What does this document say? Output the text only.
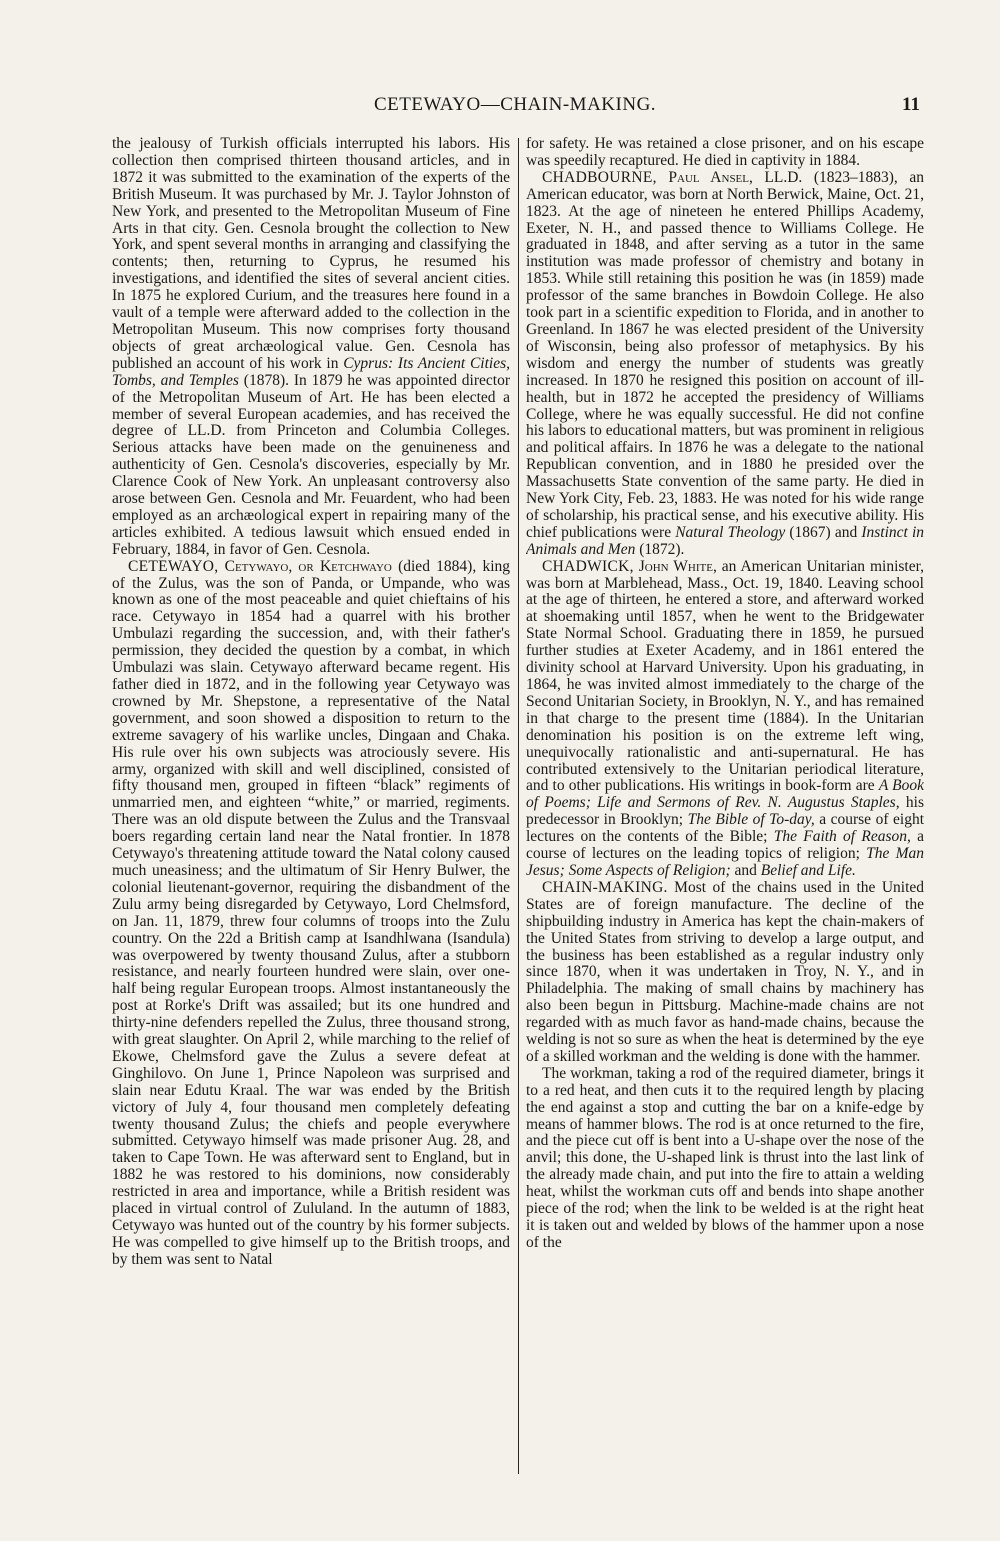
CETEWAYO—CHAIN-MAKING.	11

the jealousy of Turkish officials interrupted his labors. His collection then comprised thirteen thousand articles, and in 1872 it was submitted to the examination of the experts of the British Museum. It was purchased by Mr. J. Taylor Johnston of New York, and presented to the Metropolitan Museum of Fine Arts in that city. Gen. Cesnola brought the collection to New York, and spent several months in arranging and classifying the contents; then, returning to Cyprus, he resumed his investigations, and identified the sites of several ancient cities. In 1875 he explored Curium, and the treasures here found in a vault of a temple were afterward added to the collection in the Metropolitan Museum. This now comprises forty thousand objects of great archæological value. Gen. Cesnola has published an account of his work in Cyprus: Its Ancient Cities, Tombs, and Temples (1878). In 1879 he was appointed director of the Metropolitan Museum of Art. He has been elected a member of several European academies, and has received the degree of LL.D. from Princeton and Columbia Colleges. Serious attacks have been made on the genuineness and authenticity of Gen. Cesnola's discoveries, especially by Mr. Clarence Cook of New York. An unpleasant controversy also arose between Gen. Cesnola and Mr. Feuardent, who had been employed as an archæological expert in repairing many of the articles exhibited. A tedious lawsuit which ensued ended in February, 1884, in favor of Gen. Cesnola.

CETEWAYO, Cetywayo, or Ketchwayo (died 1884), king of the Zulus, was the son of Panda, or Umpande, who was known as one of the most peaceable and quiet chieftains of his race. Cetywayo in 1854 had a quarrel with his brother Umbulazi regarding the succession, and, with their father's permission, they decided the question by a combat, in which Umbulazi was slain. Cetywayo afterward became regent. His father died in 1872, and in the following year Cetywayo was crowned by Mr. Shepstone, a representative of the Natal government, and soon showed a disposition to return to the extreme savagery of his warlike uncles, Dingaan and Chaka. His rule over his own subjects was atrociously severe. His army, organized with skill and well disciplined, consisted of fifty thousand men, grouped in fifteen “black” regiments of unmarried men, and eighteen “white,” or married, regiments. There was an old dispute between the Zulus and the Transvaal boers regarding certain land near the Natal frontier. In 1878 Cetywayo's threatening attitude toward the Natal colony caused much uneasiness; and the ultimatum of Sir Henry Bulwer, the colonial lieutenant-governor, requiring the disbandment of the Zulu army being disregarded by Cetywayo, Lord Chelmsford, on Jan. 11, 1879, threw four columns of troops into the Zulu country. On the 22d a British camp at Isandhlwana (Isandula) was overpowered by twenty thousand Zulus, after a stubborn resistance, and nearly fourteen hundred were slain, over one-half being regular European troops. Almost instantaneously the post at Rorke's Drift was assailed; but its one hundred and thirty-nine defenders repelled the Zulus, three thousand strong, with great slaughter. On April 2, while marching to the relief of Ekowe, Chelmsford gave the Zulus a severe defeat at Ginghilovo. On June 1, Prince Napoleon was surprised and slain near Edutu Kraal. The war was ended by the British victory of July 4, four thousand men completely defeating twenty thousand Zulus; the chiefs and people everywhere submitted. Cetywayo himself was made prisoner Aug. 28, and taken to Cape Town. He was afterward sent to England, but in 1882 he was restored to his dominions, now considerably restricted in area and importance, while a British resident was placed in virtual control of Zululand. In the autumn of 1883, Cetywayo was hunted out of the country by his former subjects. He was compelled to give himself up to the British troops, and by them was sent to Natal

for safety. He was retained a close prisoner, and on his escape was speedily recaptured. He died in captivity in 1884.

CHADBOURNE, Paul Ansel, LL.D. (1823–1883), an American educator, was born at North Berwick, Maine, Oct. 21, 1823. At the age of nineteen he entered Phillips Academy, Exeter, N. H., and passed thence to Williams College. He graduated in 1848, and after serving as a tutor in the same institution was made professor of chemistry and botany in 1853. While still retaining this position he was (in 1859) made professor of the same branches in Bowdoin College. He also took part in a scientific expedition to Florida, and in another to Greenland. In 1867 he was elected president of the University of Wisconsin, being also professor of metaphysics. By his wisdom and energy the number of students was greatly increased. In 1870 he resigned this position on account of ill-health, but in 1872 he accepted the presidency of Williams College, where he was equally successful. He did not confine his labors to educational matters, but was prominent in religious and political affairs. In 1876 he was a delegate to the national Republican convention, and in 1880 he presided over the Massachusetts State convention of the same party. He died in New York City, Feb. 23, 1883. He was noted for his wide range of scholarship, his practical sense, and his executive ability. His chief publications were Natural Theology (1867) and Instinct in Animals and Men (1872).

CHADWICK, John White, an American Unitarian minister, was born at Marblehead, Mass., Oct. 19, 1840. Leaving school at the age of thirteen, he entered a store, and afterward worked at shoemaking until 1857, when he went to the Bridgewater State Normal School. Graduating there in 1859, he pursued further studies at Exeter Academy, and in 1861 entered the divinity school at Harvard University. Upon his graduating, in 1864, he was invited almost immediately to the charge of the Second Unitarian Society, in Brooklyn, N. Y., and has remained in that charge to the present time (1884). In the Unitarian denomination his position is on the extreme left wing, unequivocally rationalistic and anti-supernatural. He has contributed extensively to the Unitarian periodical literature, and to other publications. His writings in book-form are A Book of Poems; Life and Sermons of Rev. N. Augustus Staples, his predecessor in Brooklyn; The Bible of To-day, a course of eight lectures on the contents of the Bible; The Faith of Reason, a course of lectures on the leading topics of religion; The Man Jesus; Some Aspects of Religion; and Belief and Life.

CHAIN-MAKING. Most of the chains used in the United States are of foreign manufacture. The decline of the shipbuilding industry in America has kept the chain-makers of the United States from striving to develop a large output, and the business has been established as a regular industry only since 1870, when it was undertaken in Troy, N. Y., and in Philadelphia. The making of small chains by machinery has also been begun in Pittsburg. Machine-made chains are not regarded with as much favor as hand-made chains, because the welding is not so sure as when the heat is determined by the eye of a skilled workman and the welding is done with the hammer.

The workman, taking a rod of the required diameter, brings it to a red heat, and then cuts it to the required length by placing the end against a stop and cutting the bar on a knife-edge by means of hammer blows. The rod is at once returned to the fire, and the piece cut off is bent into a U-shape over the nose of the anvil; this done, the U-shaped link is thrust into the last link of the already made chain, and put into the fire to attain a welding heat, whilst the workman cuts off and bends into shape another piece of the rod; when the link to be welded is at the right heat it is taken out and welded by blows of the hammer upon a nose of the
